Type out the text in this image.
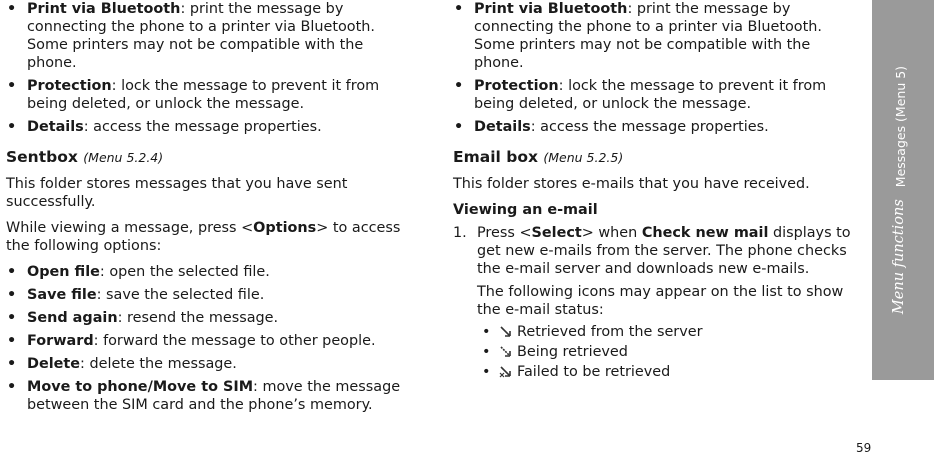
• Print via Bluetooth: print the message by connecting the phone to a printer via Bluetooth. Some printers may not be compatible with the phone.
• Protection: lock the message to prevent it from being deleted, or unlock the message.
• Details: access the message properties.
Sentbox (Menu 5.2.4)
This folder stores messages that you have sent successfully.
While viewing a message, press <Options> to access the following options:
• Open file: open the selected file.
• Save file: save the selected file.
• Send again: resend the message.
• Forward: forward the message to other people.
• Delete: delete the message.
• Move to phone/Move to SIM: move the message between the SIM card and the phone’s memory.
• Print via Bluetooth: print the message by connecting the phone to a printer via Bluetooth. Some printers may not be compatible with the phone.
• Protection: lock the message to prevent it from being deleted, or unlock the message.
• Details: access the message properties.
Email box (Menu 5.2.5)
This folder stores e-mails that you have received.
Viewing an e-mail
1. Press <Select> when Check new mail displays to get new e-mails from the server. The phone checks the e-mail server and downloads new e-mails.
The following icons may appear on the list to show the e-mail status:
• Retrieved from the server
• Being retrieved
• Failed to be retrieved
Menu functions
Messages (Menu 5)
59
